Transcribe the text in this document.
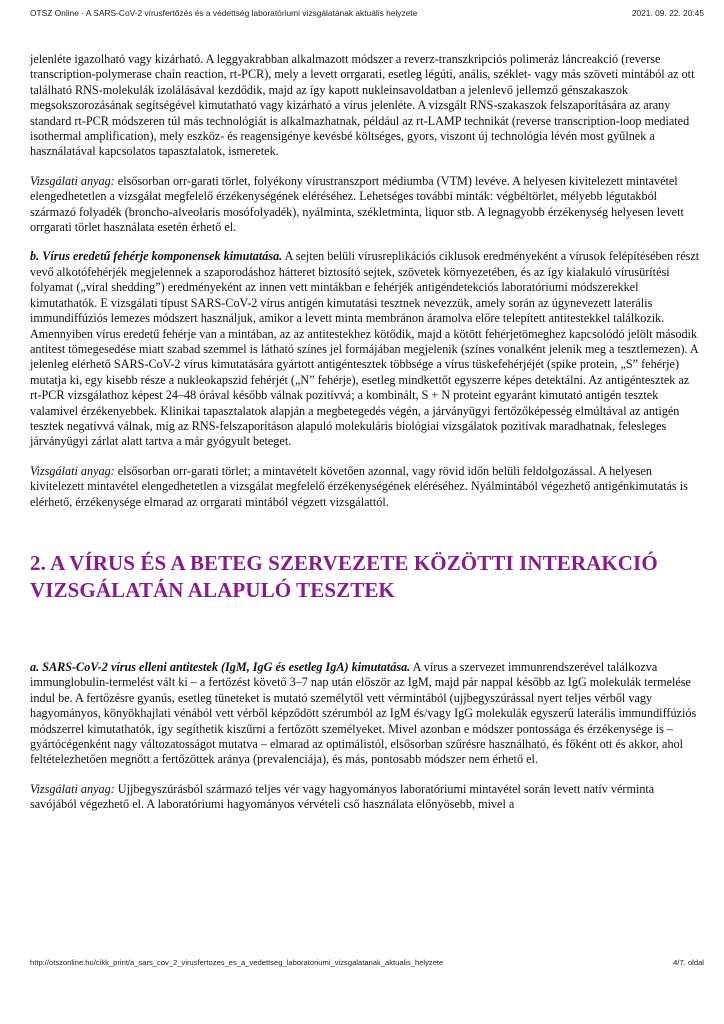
OTSZ Online - A SARS-CoV-2 vírusfertőzés és a védettség laboratóriumi vizsgálatának aktuális helyzete	2021. 09. 22. 20:45

jelenléte igazolható vagy kizárható. A leggyakrabban alkalmazott módszer a reverz-transzkripciós polimeráz láncreakció (reverse transcription-polymerase chain reaction, rt-PCR), mely a levett orrgarati, esetleg légúti, anális, széklet- vagy más szöveti mintából az ott található RNS-molekulák izolálásával kezdődik, majd az így kapott nukleinsavoldatban a jelenlevő jellemző génszakaszok megsokszorozásának segítségével kimutatható vagy kizárható a vírus jelenléte. A vizsgált RNS-szakaszok felszaporítására az arany standard rt-PCR módszeren túl más technológiát is alkalmazhatnak, például az rt-LAMP technikát (reverse transcription-loop mediated isothermal amplification), mely eszköz- és reagensigénye kevésbé költséges, gyors, viszont új technológia lévén most gyűlnek a használatával kapcsolatos tapasztalatok, ismeretek.

Vizsgálati anyag: elsősorban orr-garati törlet, folyékony vírustranszport médiumba (VTM) levéve. A helyesen kivitelezett mintavétel elengedhetetlen a vizsgálat megfelelő érzékenységének eléréséhez. Lehetséges további minták: végbéltörlet, mélyebb légutakból származó folyadék (broncho-alveolaris mosófolyadék), nyálminta, székletminta, liquor stb. A legnagyobb érzékenység helyesen levett orrgarati törlet használata esetén érhető el.

b. Vírus eredetű fehérje komponensek kimutatása. A sejten belüli vírusreplikációs ciklusok eredményeként a vírusok felépítésében részt vevő alkotófehérjék megjelennek a szaporodáshoz hátteret biztosító sejtek, szövetek környezetében, és az így kialakuló vírusürítési folyamat („viral shedding”) eredményeként az innen vett mintákban e fehérjék antigéndetekciós laboratóriumi módszerekkel kimutathatók. E vizsgálati típust SARS-CoV-2 vírus antigén kimutatási tesztnek nevezzük, amely során az úgynevezett laterális immundiffúziós lemezes módszert használjuk, amikor a levett minta membránon áramolva előre telepített antitestekkel találkozik. Amennyiben vírus eredetű fehérje van a mintában, az az antitestekhez kötődik, majd a kötött fehérjetömeghez kapcsolódó jelölt második antitest tömegesedése miatt szabad szemmel is látható színes jel formájában megjelenik (színes vonalként jelenik meg a tesztlemezen). A jelenleg elérhető SARS-CoV-2 vírus kimutatására gyártott antigéntesztek többsége a vírus tüskefehérjéjét (spike protein, „S” fehérje) mutatja ki, egy kisebb része a nukleokapszid fehérjét („N” fehérje), esetleg mindkettőt egyszerre képes detektálni. Az antigéntesztek az rt-PCR vizsgálathoz képest 24–48 órával később válnak pozitívvá; a kombinált, S + N proteint egyaránt kimutató antigén tesztek valamivel érzékenyebbek. Klinikai tapasztalatok alapján a megbetegedés végén, a járványügyi fertőzőképesség elmúltával az antigén tesztek negatívvá válnak, míg az RNS-felszaporításon alapuló molekuláris biológiai vizsgálatok pozitívak maradhatnak, felesleges járványügyi zárlat alatt tartva a már gyógyult beteget.

Vizsgálati anyag: elsősorban orr-garati törlet; a mintavételt követően azonnal, vagy rövid időn belüli feldolgozással. A helyesen kivitelezett mintavétel elengedhetetlen a vizsgálat megfelelő érzékenységének eléréséhez. Nyálmintából végezhető antigénkimutatás is elérhető, érzékenysége elmarad az orrgarati mintából végzett vizsgálattól.

2. A VÍRUS ÉS A BETEG SZERVEZETE KÖZÖTTI INTERAKCIÓ VIZSGÁLATÁN ALAPULÓ TESZTEK

a. SARS-CoV-2 vírus elleni antitestek (IgM, IgG és esetleg IgA) kimutatása. A vírus a szervezet immunrendszerével találkozva immunglobulin-termelést vált ki – a fertőzést követő 3–7 nap után először az IgM, majd pár nappal később az IgG molekulák termelése indul be. A fertőzésre gyanús, esetleg tüneteket is mutató személytől vett vérmintából (ujjbegyszúrással nyert teljes vérből vagy hagyományos, könyökhajlati vénából vett vérből képződött szérumból az IgM és/vagy IgG molekulák egyszerű laterális immundiffúziós módszerrel kimutathatók, így segíthetik kiszűrni a fertőzött személyeket. Mivel azonban e módszer pontossága és érzékenysége is – gyártócégenként nagy változatosságot mutatva – elmarad az optimálistól, elsősorban szűrésre használható, és főként ott és akkor, ahol feltételezhetően megnőtt a fertőzöttek aránya (prevalenciája), és más, pontosabb módszer nem érhető el.

Vizsgálati anyag: Ujjbegyszúrásból származó teljes vér vagy hagyományos laboratóriumi mintavétel során levett natív vérminta savójából végezhető el. A laboratóriumi hagyományos vérvételi cső használata előnyösebb, mivel a

http://otszonline.hu/cikk_print/a_sars_cov_2_virusfertozes_es_a_vedettseg_laboratoriumi_vizsgalatanak_aktualis_helyzete	4/7. oldal
